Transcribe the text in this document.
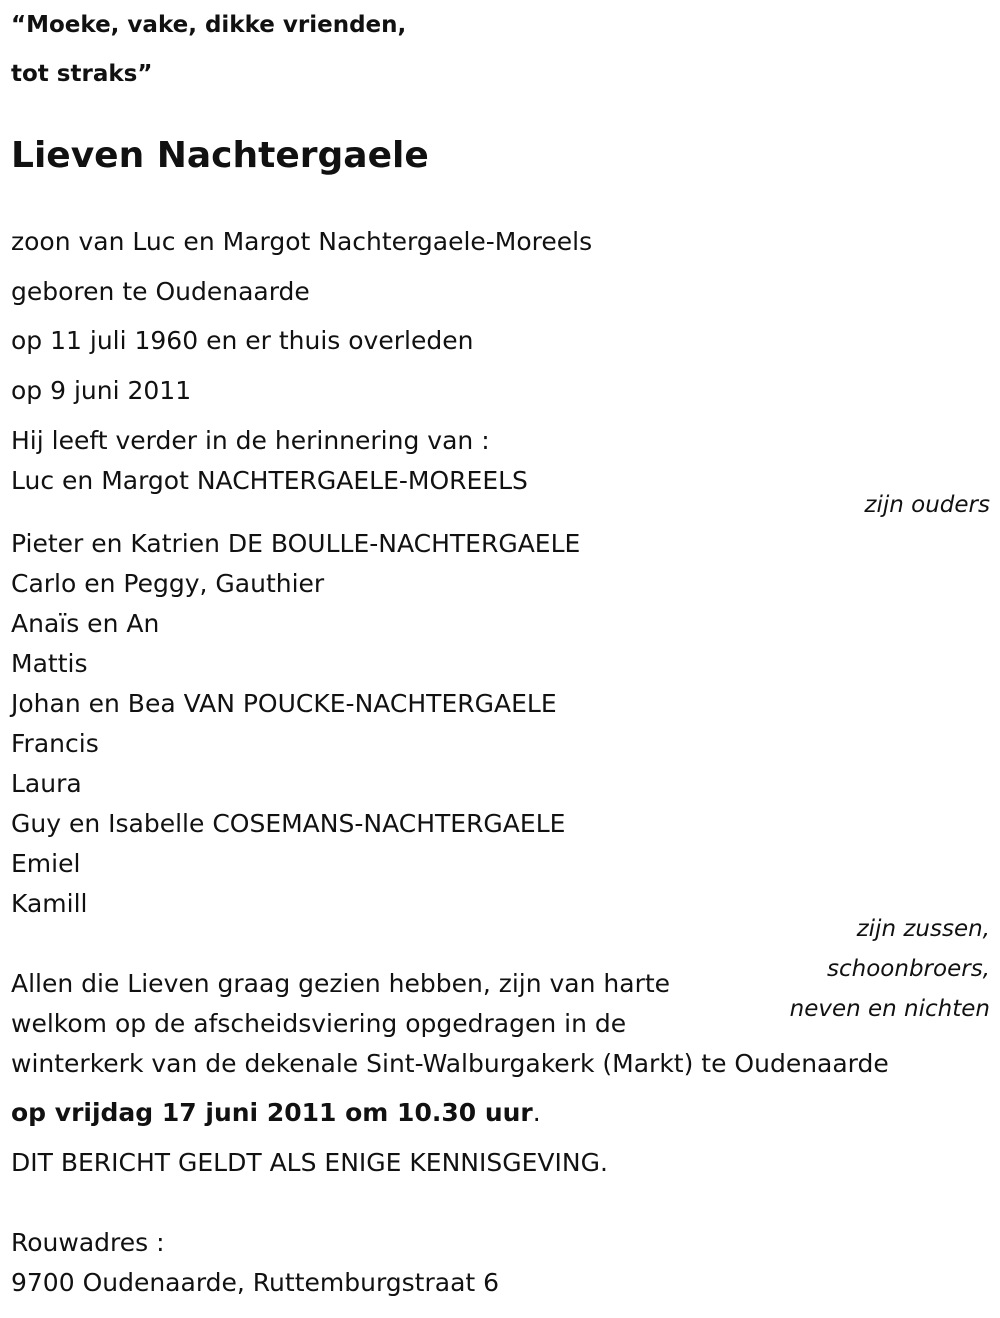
“Moeke, vake, dikke vrienden,
tot straks”
Lieven Nachtergaele
zoon van Luc en Margot Nachtergaele-Moreels
geboren te Oudenaarde
op 11 juli 1960 en er thuis overleden
op 9 juni 2011
Hij leeft verder in de herinnering van :
Luc en Margot NACHTERGAELE-MOREELS
zijn ouders
Pieter en Katrien DE BOULLE-NACHTERGAELE
Carlo en Peggy, Gauthier
Anaïs en An
Mattis
Johan en Bea VAN POUCKE-NACHTERGAELE
Francis
Laura
Guy en Isabelle COSEMANS-NACHTERGAELE
Emiel
Kamill
zijn zussen,
schoonbroers,
neven en nichten
Allen die Lieven graag gezien hebben, zijn van harte
welkom op de afscheidsviering opgedragen in de
winterkerk van de dekenale Sint-Walburgakerk (Markt) te Oudenaarde
op vrijdag 17 juni 2011 om 10.30 uur.
DIT BERICHT GELDT ALS ENIGE KENNISGEVING.
Rouwadres :
9700 Oudenaarde, Ruttemburgstraat 6
